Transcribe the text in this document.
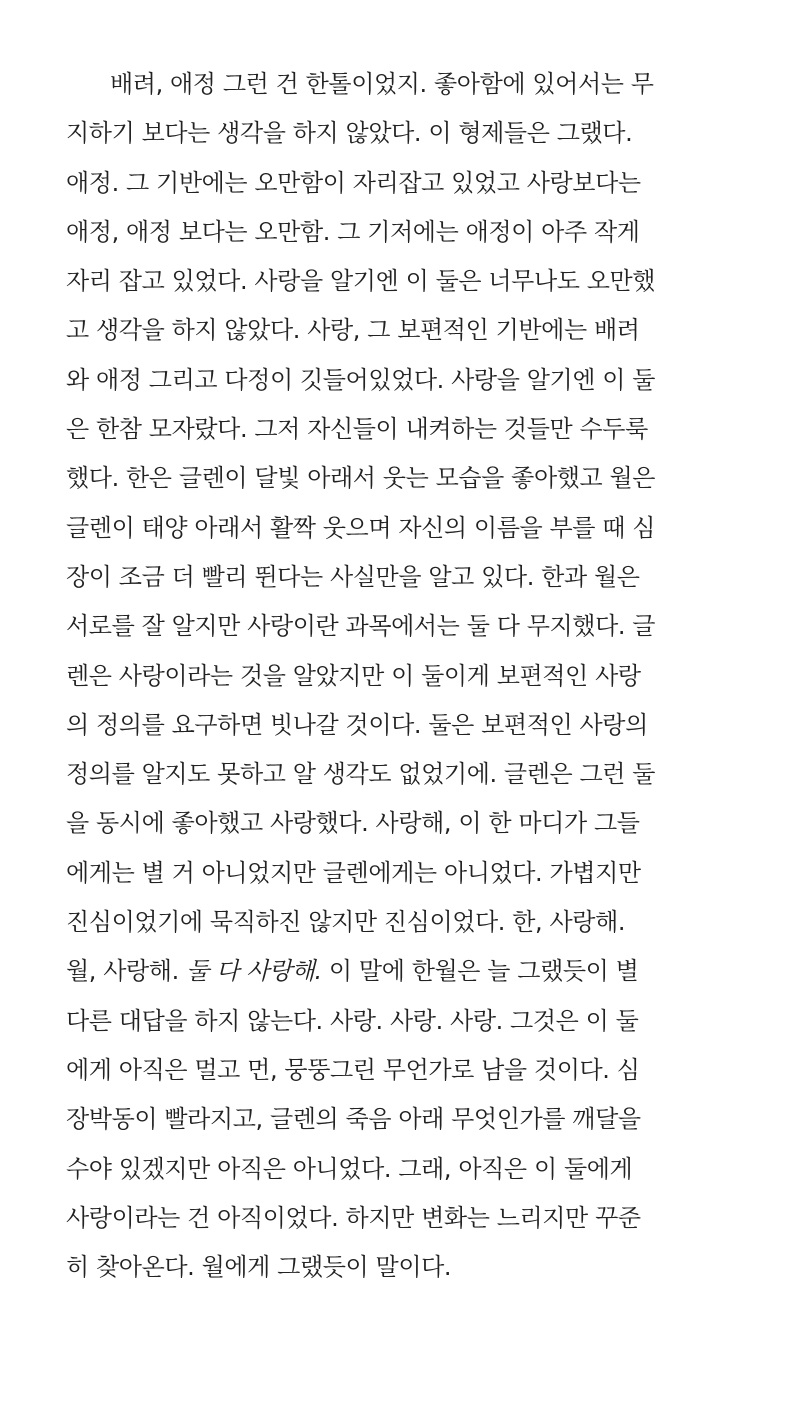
배려, 애정 그런 건 한톨이었지. 좋아함에 있어서는 무
지하기 보다는 생각을 하지 않았다. 이 형제들은 그랬다.
애정. 그 기반에는 오만함이 자리잡고 있었고 사랑보다는
애정, 애정 보다는 오만함. 그 기저에는 애정이 아주 작게
자리 잡고 있었다. 사랑을 알기엔 이 둘은 너무나도 오만했
고 생각을 하지 않았다. 사랑, 그 보편적인 기반에는 배려
와 애정 그리고 다정이 깃들어있었다. 사랑을 알기엔 이 둘
은 한참 모자랐다. 그저 자신들이 내켜하는 것들만 수두룩
했다. 한은 글렌이 달빛 아래서 웃는 모습을 좋아했고 월은
글렌이 태양 아래서 활짝 웃으며 자신의 이름을 부를 때 심
장이 조금 더 빨리 뛴다는 사실만을 알고 있다. 한과 월은
서로를 잘 알지만 사랑이란 과목에서는 둘 다 무지했다. 글
렌은 사랑이라는 것을 알았지만 이 둘이게 보편적인 사랑
의 정의를 요구하면 빗나갈 것이다. 둘은 보편적인 사랑의
정의를 알지도 못하고 알 생각도 없었기에. 글렌은 그런 둘
을 동시에 좋아했고 사랑했다. 사랑해, 이 한 마디가 그들
에게는 별 거 아니었지만 글렌에게는 아니었다. 가볍지만
진심이었기에 묵직하진 않지만 진심이었다. 한, 사랑해.
월, 사랑해. 둘 다 사랑해. 이 말에 한월은 늘 그랬듯이 별
다른 대답을 하지 않는다. 사랑. 사랑. 사랑. 그것은 이 둘
에게 아직은 멀고 먼, 뭉뚱그린 무언가로 남을 것이다. 심
장박동이 빨라지고, 글렌의 죽음 아래 무엇인가를 깨달을
수야 있겠지만 아직은 아니었다. 그래, 아직은 이 둘에게
사랑이라는 건 아직이었다. 하지만 변화는 느리지만 꾸준
히 찾아온다. 월에게 그랬듯이 말이다.
